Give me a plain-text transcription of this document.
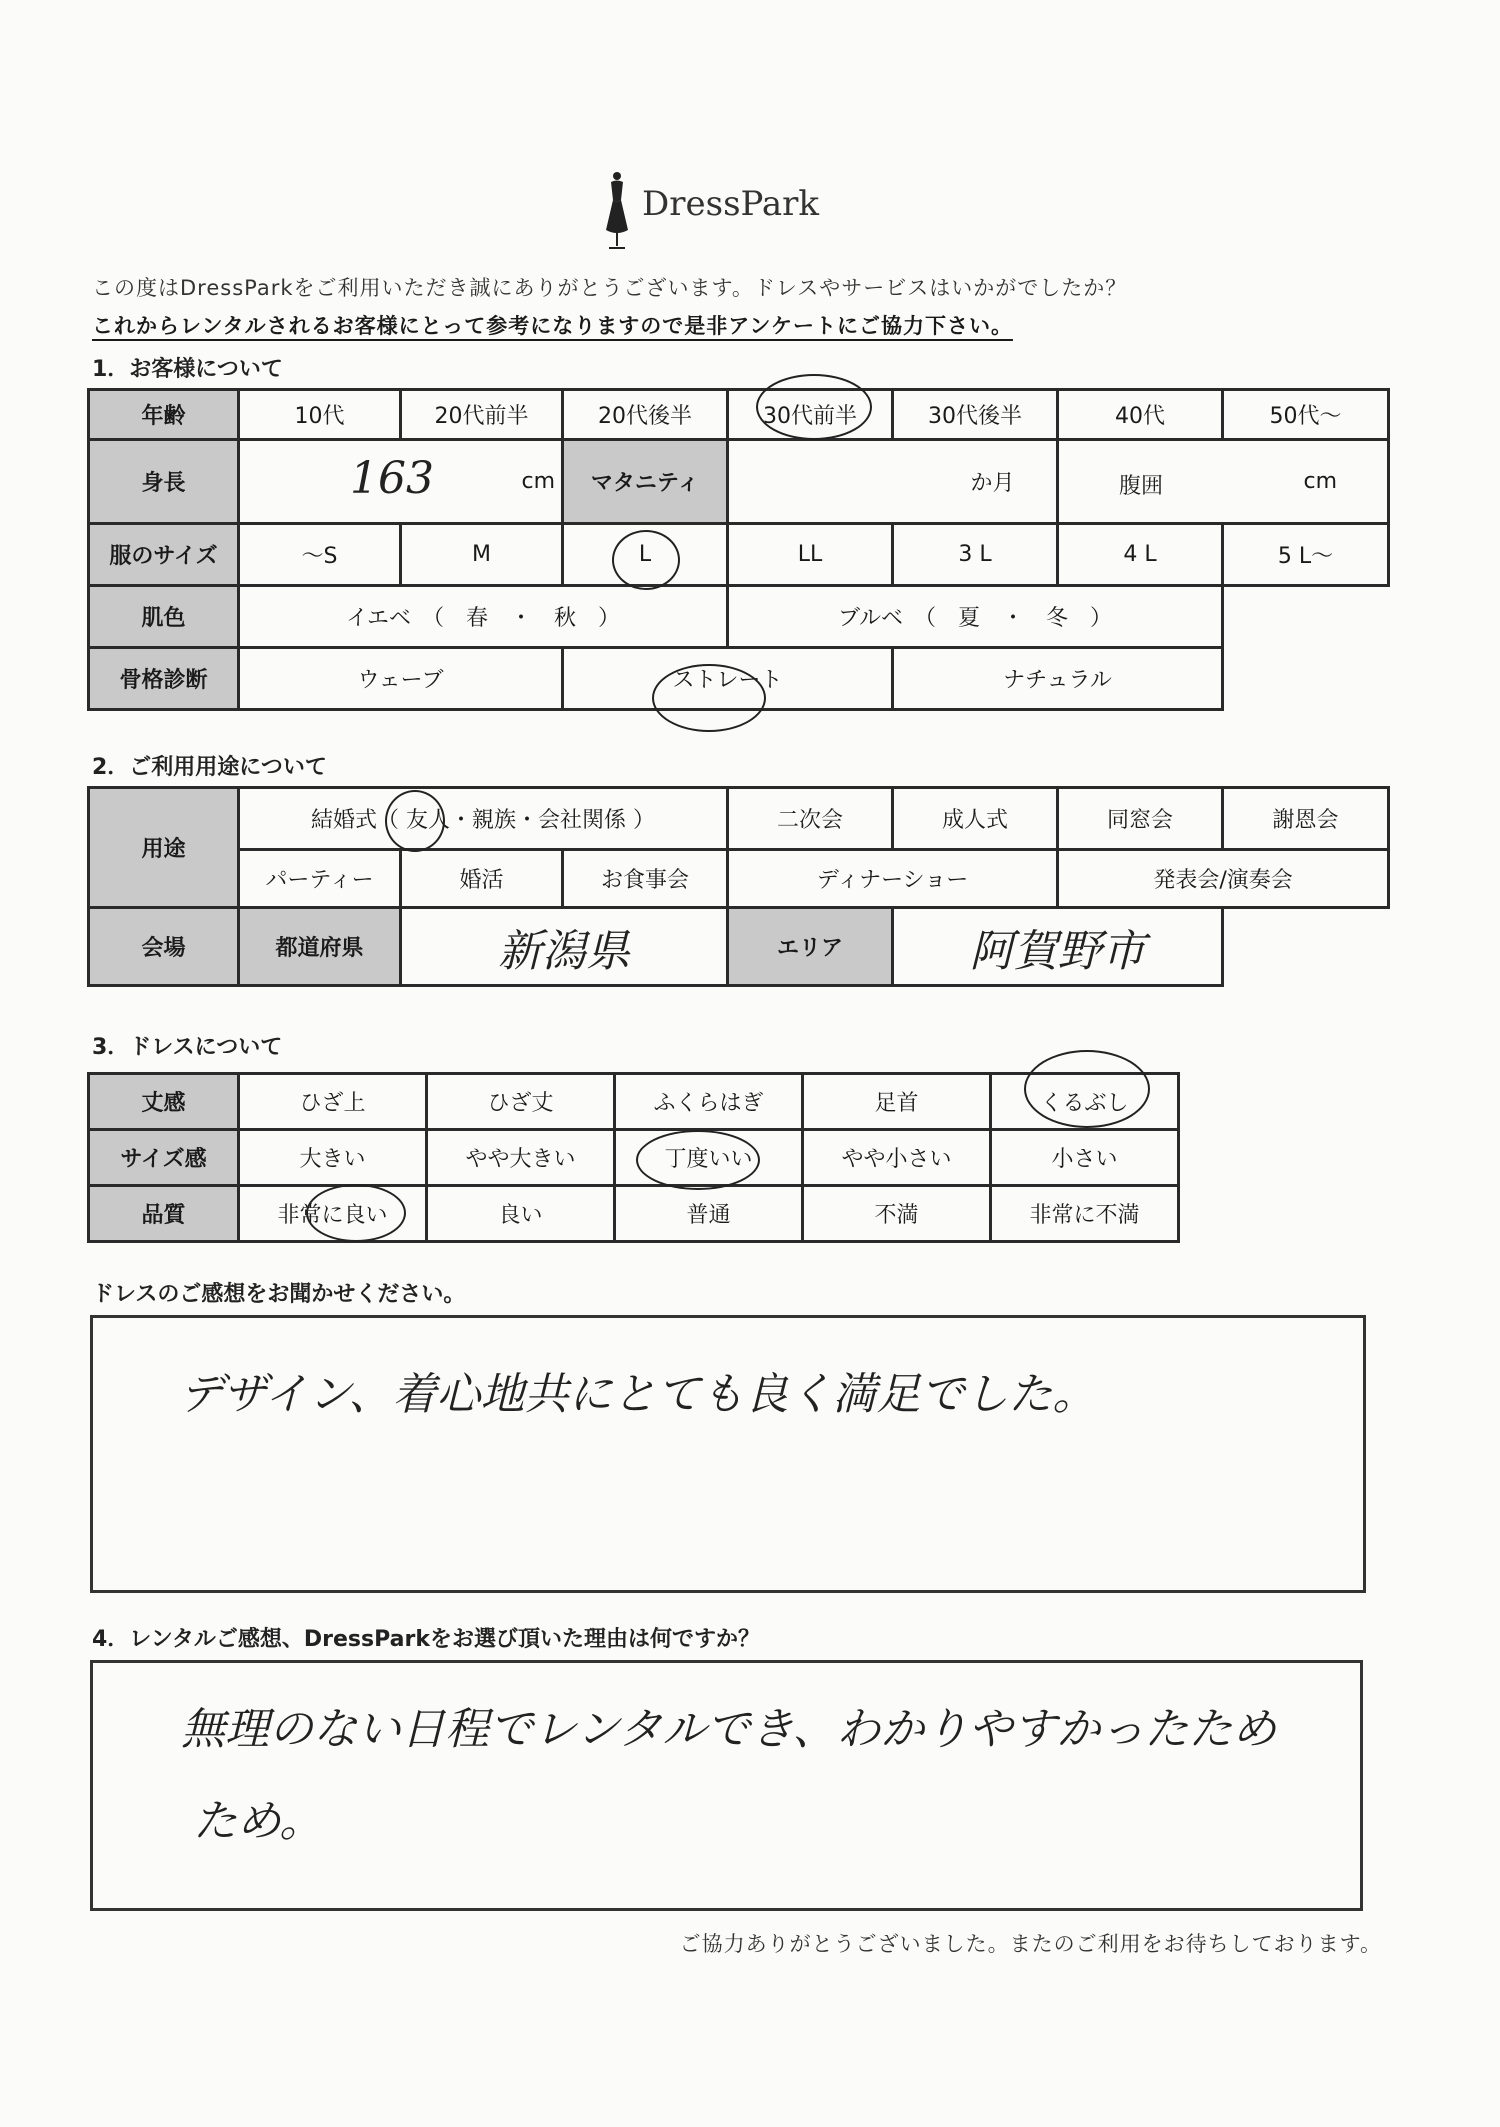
DressPark
この度はDressParkをご利用いただき誠にありがとうございます。ドレスやサービスはいかがでしたか？
これからレンタルされるお客様にとって参考になりますので是非アンケートにご協力下さい。
1．お客様について
年齢	10代	20代前半	20代後半	30代前半	30代後半	40代	50代～
身長	163 cm		マタニティ	か月		腹囲 cm	

服のサイズ	～S	M	L	LL	3 L	4 L	5 L～
肌色	イエベ　（　春　・　秋　）			ブルベ　（　夏　・　冬　）			
骨格診断	ウェーブ		ストレート		ナチュラル		
2．ご利用用途について
用途	結婚式（ 友人・親族・会社関係 ）			二次会	成人式	同窓会	謝恩会
	パーティー	婚活	お食事会	ディナーショー		発表会/演奏会	
会場	都道府県	新潟県		エリア	阿賀野市		
3．ドレスについて
丈感	ひざ上	ひざ丈	ふくらはぎ	足首	くるぶし
サイズ感	大きい	やや大きい	丁度いい	やや小さい	小さい
品質	非常に良い	良い	普通	不満	非常に不満
ドレスのご感想をお聞かせください。
デザイン、着心地共にとても良く満足でした。
4．レンタルご感想、DressParkをお選び頂いた理由は何ですか？
無理のない日程でレンタルでき、わかりやすかったため
ため。
ご協力ありがとうございました。またのご利用をお待ちしております。
